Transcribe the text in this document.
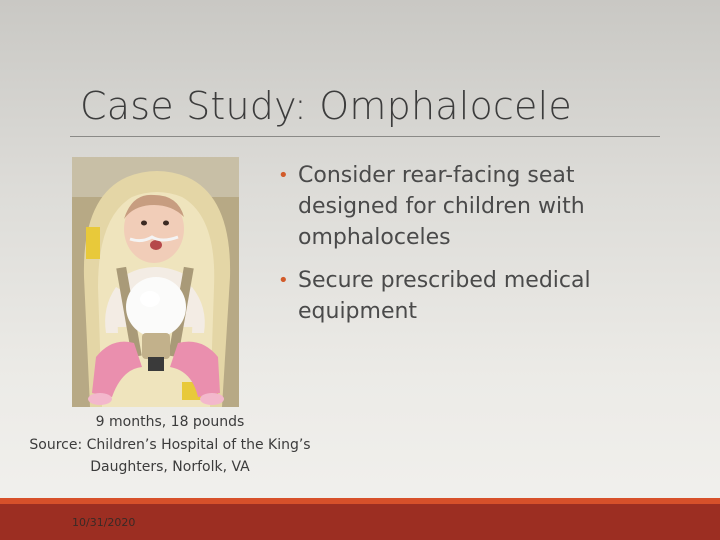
Case Study: Omphalocele
• Consider rear-facing seat designed for children with omphaloceles
• Secure prescribed medical equipment
9 months, 18 pounds
Source: Children’s Hospital of the King’s
Daughters, Norfolk, VA
10/31/2020
